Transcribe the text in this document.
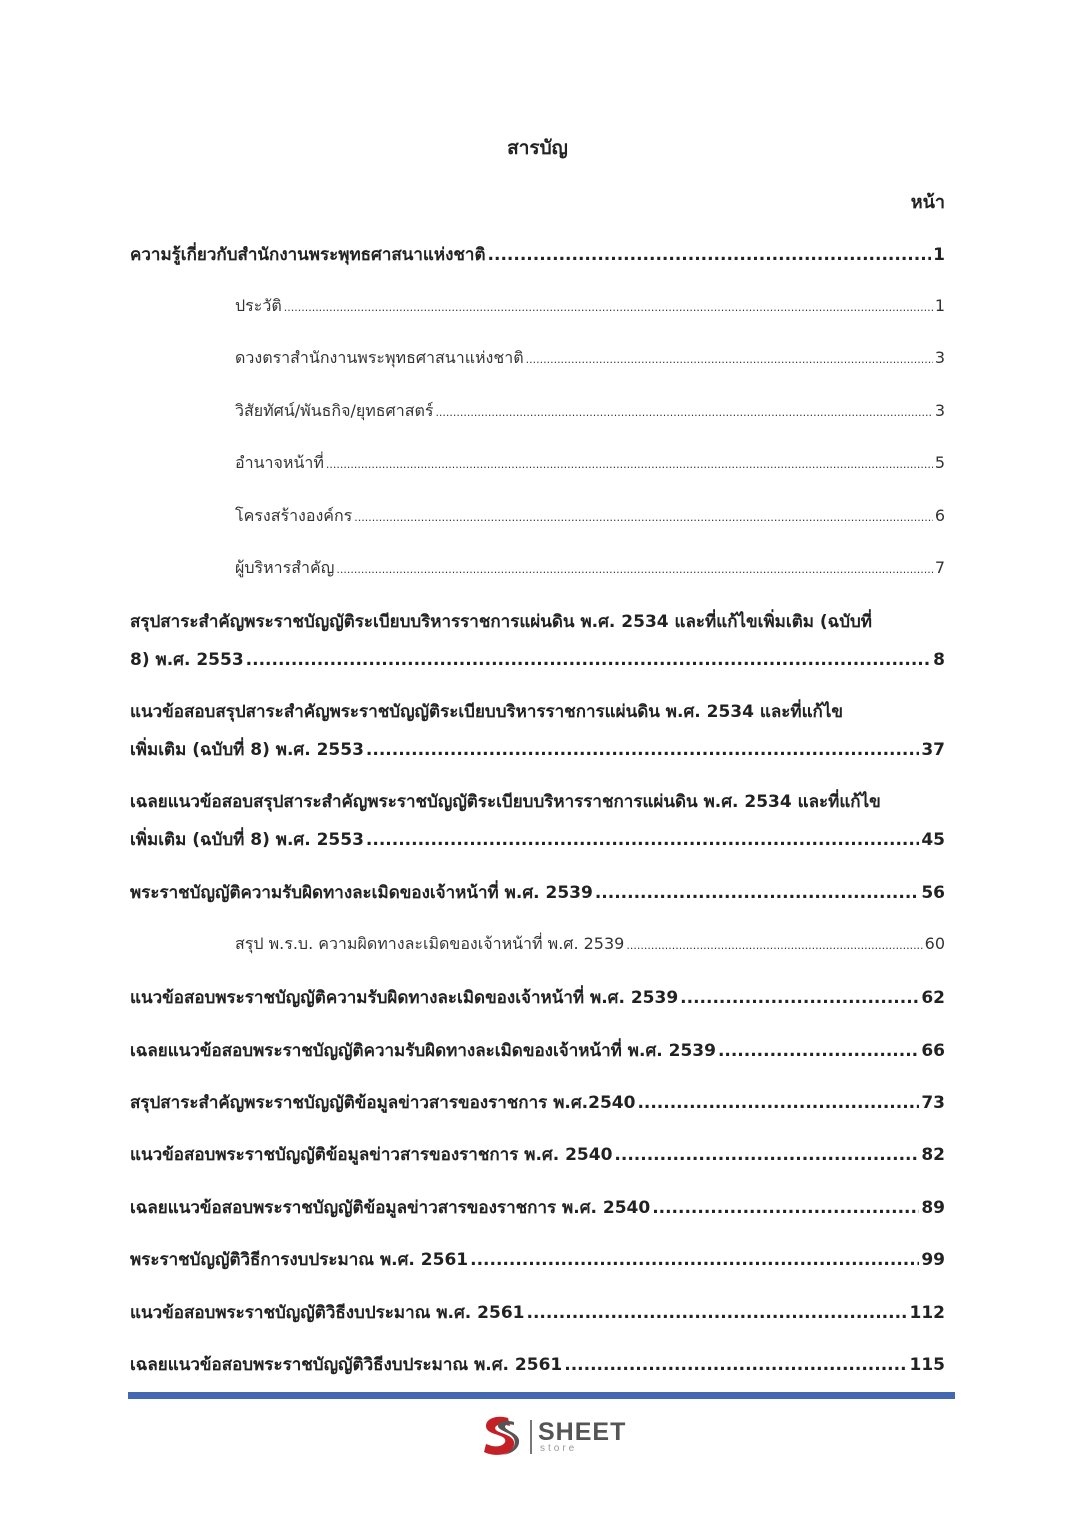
สารบัญ
หน้า
ความรู้เกี่ยวกับสำนักงานพระพุทธศาสนาแห่งชาติ .....	1
ประวัติ .....	1
ดวงตราสำนักงานพระพุทธศาสนาแห่งชาติ .....	3
วิสัยทัศน์/พันธกิจ/ยุทธศาสตร์ .....	3
อำนาจหน้าที่ .....	5
โครงสร้างองค์กร .....	6
ผู้บริหารสำคัญ .....	7
สรุปสาระสำคัญพระราชบัญญัติระเบียบบริหารราชการแผ่นดิน พ.ศ. 2534 และที่แก้ไขเพิ่มเติม (ฉบับที่
8) พ.ศ. 2553 .....	8
แนวข้อสอบสรุปสาระสำคัญพระราชบัญญัติระเบียบบริหารราชการแผ่นดิน พ.ศ. 2534 และที่แก้ไข
เพิ่มเติม (ฉบับที่ 8) พ.ศ. 2553 .....	37
เฉลยแนวข้อสอบสรุปสาระสำคัญพระราชบัญญัติระเบียบบริหารราชการแผ่นดิน พ.ศ. 2534 และที่แก้ไข
เพิ่มเติม (ฉบับที่ 8) พ.ศ. 2553 .....	45
พระราชบัญญัติความรับผิดทางละเมิดของเจ้าหน้าที่ พ.ศ. 2539 .....	56
สรุป พ.ร.บ. ความผิดทางละเมิดของเจ้าหน้าที่ พ.ศ. 2539 .....	60
แนวข้อสอบพระราชบัญญัติความรับผิดทางละเมิดของเจ้าหน้าที่ พ.ศ. 2539 .....	62
เฉลยแนวข้อสอบพระราชบัญญัติความรับผิดทางละเมิดของเจ้าหน้าที่ พ.ศ. 2539 .....	66
สรุปสาระสำคัญพระราชบัญญัติข้อมูลข่าวสารของราชการ พ.ศ.2540 .....	73
แนวข้อสอบพระราชบัญญัติข้อมูลข่าวสารของราชการ พ.ศ. 2540 .....	82
เฉลยแนวข้อสอบพระราชบัญญัติข้อมูลข่าวสารของราชการ พ.ศ. 2540 .....	89
พระราชบัญญัติวิธีการงบประมาณ พ.ศ. 2561 .....	99
แนวข้อสอบพระราชบัญญัติวิธีงบประมาณ พ.ศ. 2561 .....	112
เฉลยแนวข้อสอบพระราชบัญญัติวิธีงบประมาณ พ.ศ. 2561 .....	115
SHEET
store
